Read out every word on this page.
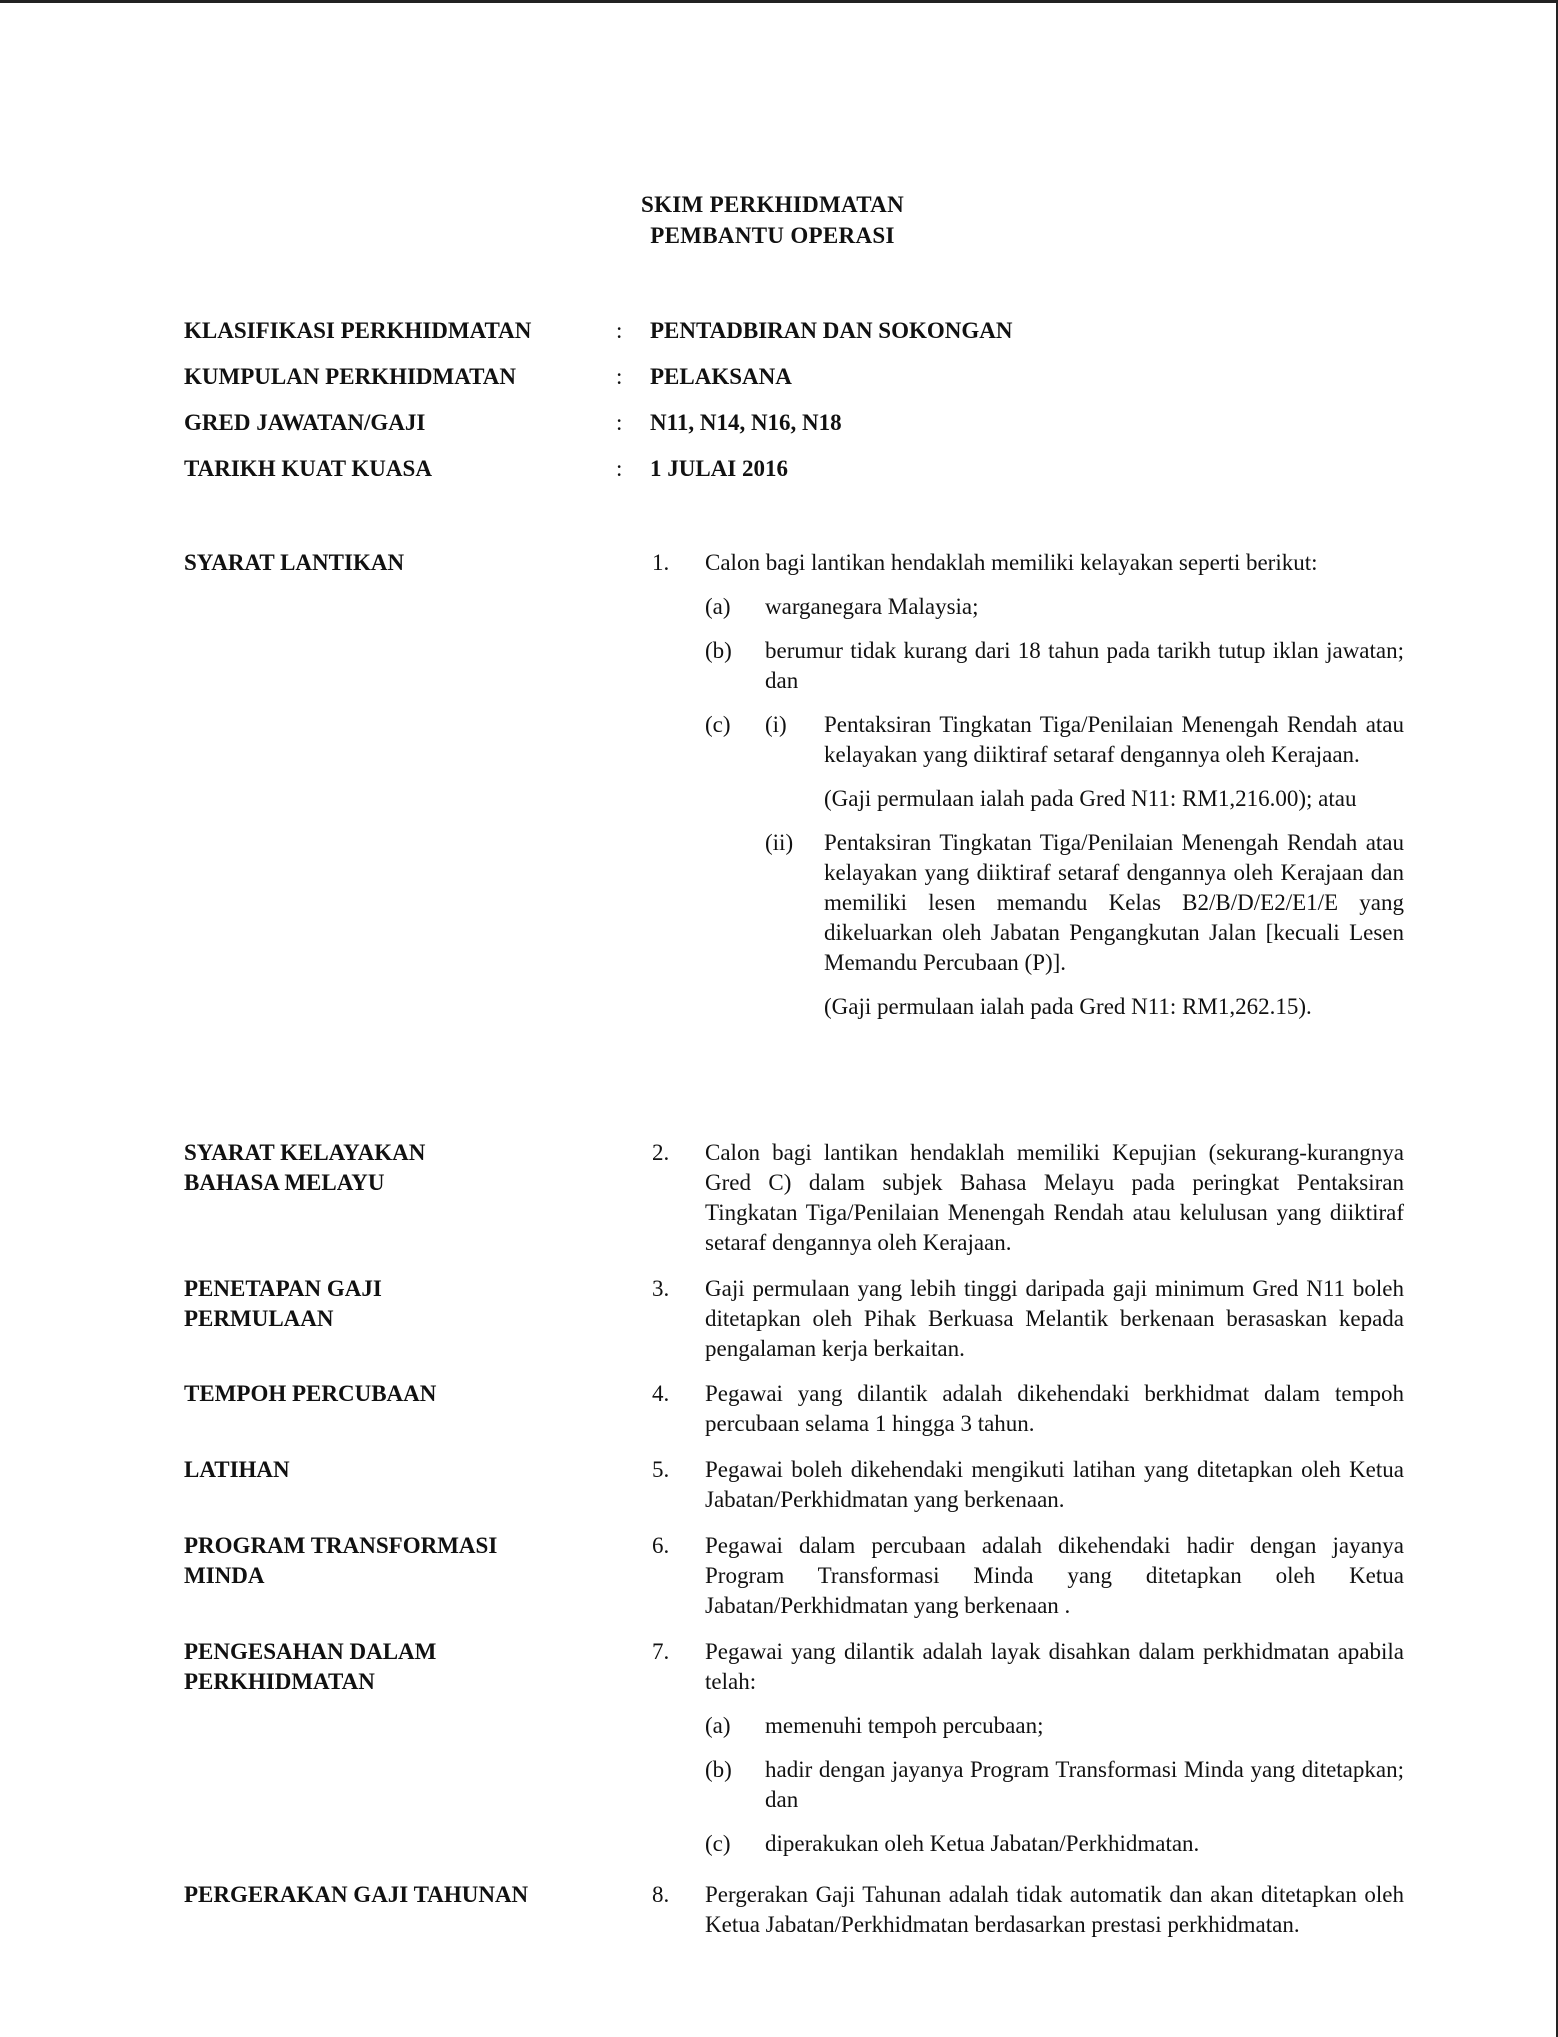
SKIM PERKHIDMATAN
PEMBANTU OPERASI
KLASIFIKASI PERKHIDMATAN	:	PENTADBIRAN DAN SOKONGAN
KUMPULAN PERKHIDMATAN	:	PELAKSANA
GRED JAWATAN/GAJI	:	N11, N14, N16, N18
TARIKH KUAT KUASA	:	1 JULAI 2016
SYARAT LANTIKAN	1.	Calon bagi lantikan hendaklah memiliki kelayakan seperti berikut:
(a)	warganegara Malaysia;
(b)	berumur tidak kurang dari 18 tahun pada tarikh tutup iklan jawatan; dan
(c)	(i)	Pentaksiran Tingkatan Tiga/Penilaian Menengah Rendah atau kelayakan yang diiktiraf setaraf dengannya oleh Kerajaan.
(Gaji permulaan ialah pada Gred N11: RM1,216.00); atau
(ii)	Pentaksiran Tingkatan Tiga/Penilaian Menengah Rendah atau kelayakan yang diiktiraf setaraf dengannya oleh Kerajaan dan memiliki lesen memandu Kelas B2/B/D/E2/E1/E yang dikeluarkan oleh Jabatan Pengangkutan Jalan [kecuali Lesen Memandu Percubaan (P)].
(Gaji permulaan ialah pada Gred N11: RM1,262.15).
SYARAT KELAYAKAN
BAHASA MELAYU
2.	Calon bagi lantikan hendaklah memiliki Kepujian (sekurang-kurangnya Gred C) dalam subjek Bahasa Melayu pada peringkat Pentaksiran Tingkatan Tiga/Penilaian Menengah Rendah atau kelulusan yang diiktiraf setaraf dengannya oleh Kerajaan.
PENETAPAN GAJI
PERMULAAN
3.	Gaji permulaan yang lebih tinggi daripada gaji minimum Gred N11 boleh ditetapkan oleh Pihak Berkuasa Melantik berkenaan berasaskan kepada pengalaman kerja berkaitan.
TEMPOH PERCUBAAN	4.	Pegawai yang dilantik adalah dikehendaki berkhidmat dalam tempoh percubaan selama 1 hingga 3 tahun.
LATIHAN	5.	Pegawai boleh dikehendaki mengikuti latihan yang ditetapkan oleh Ketua Jabatan/Perkhidmatan yang berkenaan.
PROGRAM TRANSFORMASI
MINDA
6.	Pegawai dalam percubaan adalah dikehendaki hadir dengan jayanya Program Transformasi Minda yang ditetapkan oleh Ketua Jabatan/Perkhidmatan yang berkenaan .
PENGESAHAN DALAM
PERKHIDMATAN
7.	Pegawai yang dilantik adalah layak disahkan dalam perkhidmatan apabila telah:
(a)	memenuhi tempoh percubaan;
(b)	hadir dengan jayanya Program Transformasi Minda yang ditetapkan; dan
(c)	diperakukan oleh Ketua Jabatan/Perkhidmatan.
PERGERAKAN GAJI TAHUNAN	8.	Pergerakan Gaji Tahunan adalah tidak automatik dan akan ditetapkan oleh Ketua Jabatan/Perkhidmatan berdasarkan prestasi perkhidmatan.
